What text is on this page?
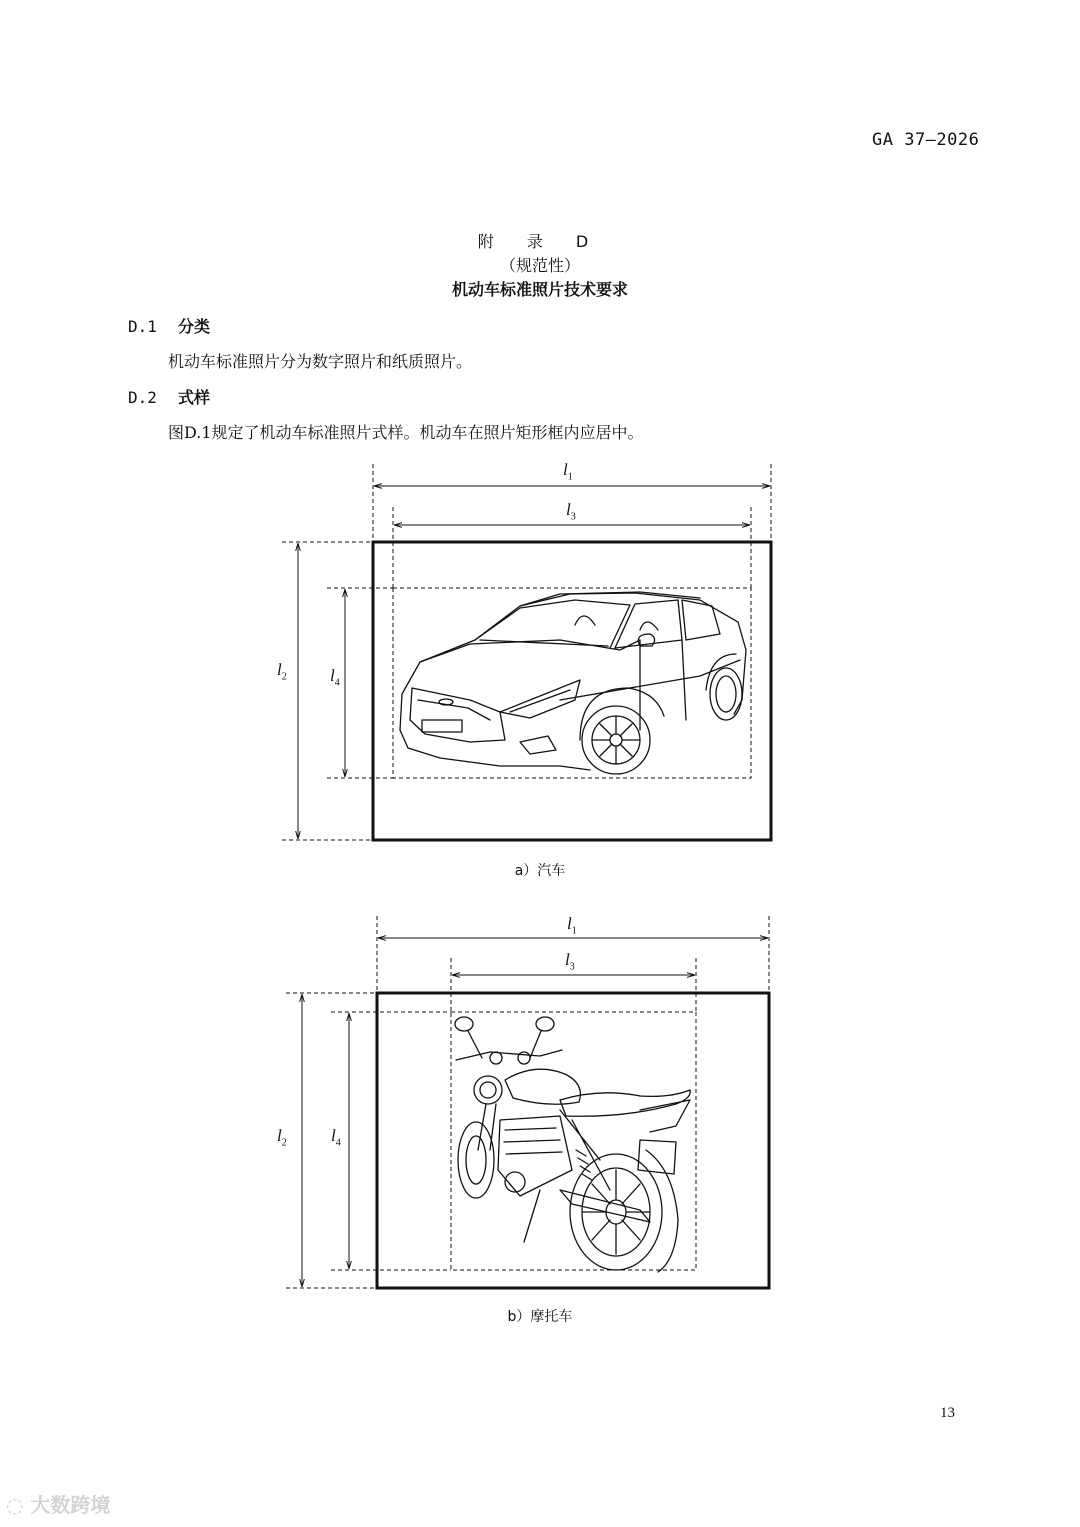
GA 37—2026
附 录 D
（规范性）
机动车标准照片技术要求
D.1 分类
机动车标准照片分为数字照片和纸质照片。
D.2 式样
图D.1规定了机动车标准照片式样。机动车在照片矩形框内应居中。
$l_1$
$l_3$
$l_2$	$l_4$
a）汽车
$l_1$
$l_3$
$l_2$	$l_4$
b）摩托车
13
◌ 大数跨境
